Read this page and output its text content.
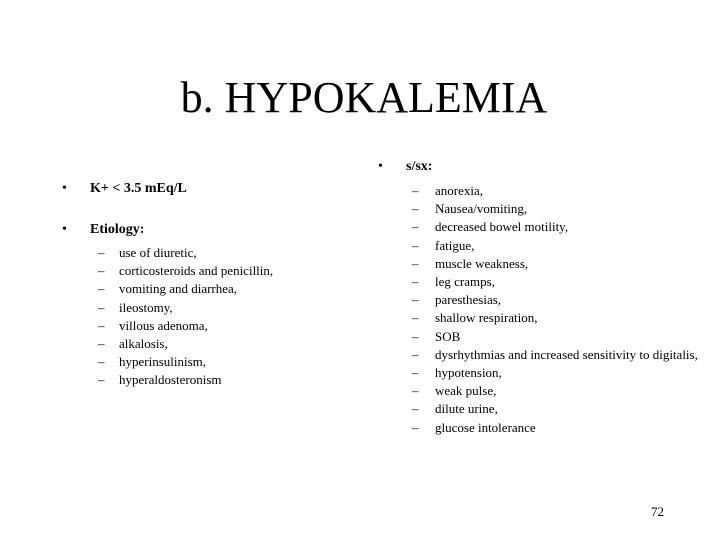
b. HYPOKALEMIA
• K+ < 3.5 mEq/L
• Etiology:
– use of diuretic,
– corticosteroids and penicillin,
– vomiting and diarrhea,
– ileostomy,
– villous adenoma,
– alkalosis,
– hyperinsulinism,
– hyperaldosteronism
• s/sx:
– anorexia,
– Nausea/vomiting,
– decreased bowel motility,
– fatigue,
– muscle weakness,
– leg cramps,
– paresthesias,
– shallow respiration,
– SOB
– dysrhythmias and increased sensitivity to digitalis,
– hypotension,
– weak pulse,
– dilute urine,
– glucose intolerance
72
